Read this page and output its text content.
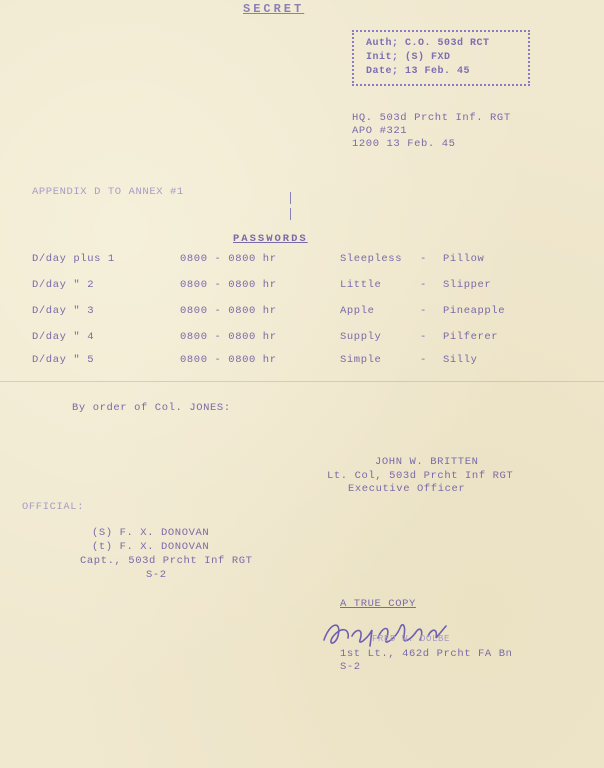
SECRET
Auth; C.O. 503d RCT
Init; (S) FXD
Date; 13 Feb. 45
HQ. 503d Prcht Inf. RGT
APO #321
1200 13 Feb. 45
APPENDIX D TO ANNEX #1
PASSWORDS
D/day plus 1	0800 - 0800 hr	Sleepless - Pillow
D/day " 2	0800 - 0800 hr	Little	- Slipper
D/day " 3	0800 - 0800 hr	Apple	- Pineapple
D/day " 4	0800 - 0800 hr	Supply	- Pilferer
D/day " 5	0800 - 0800 hr	Simple	- Silly
By order of Col. JONES:
JOHN W. BRITTEN
Lt. Col, 503d Prcht Inf RGT
Executive Officer
OFFICIAL:
(S) F. X. DONOVAN
(t) F. X. DONOVAN
Capt., 503d Prcht Inf RGT
S-2
A TRUE COPY
FRED W. DOLBE
1st Lt., 462d Prcht FA Bn
S-2
